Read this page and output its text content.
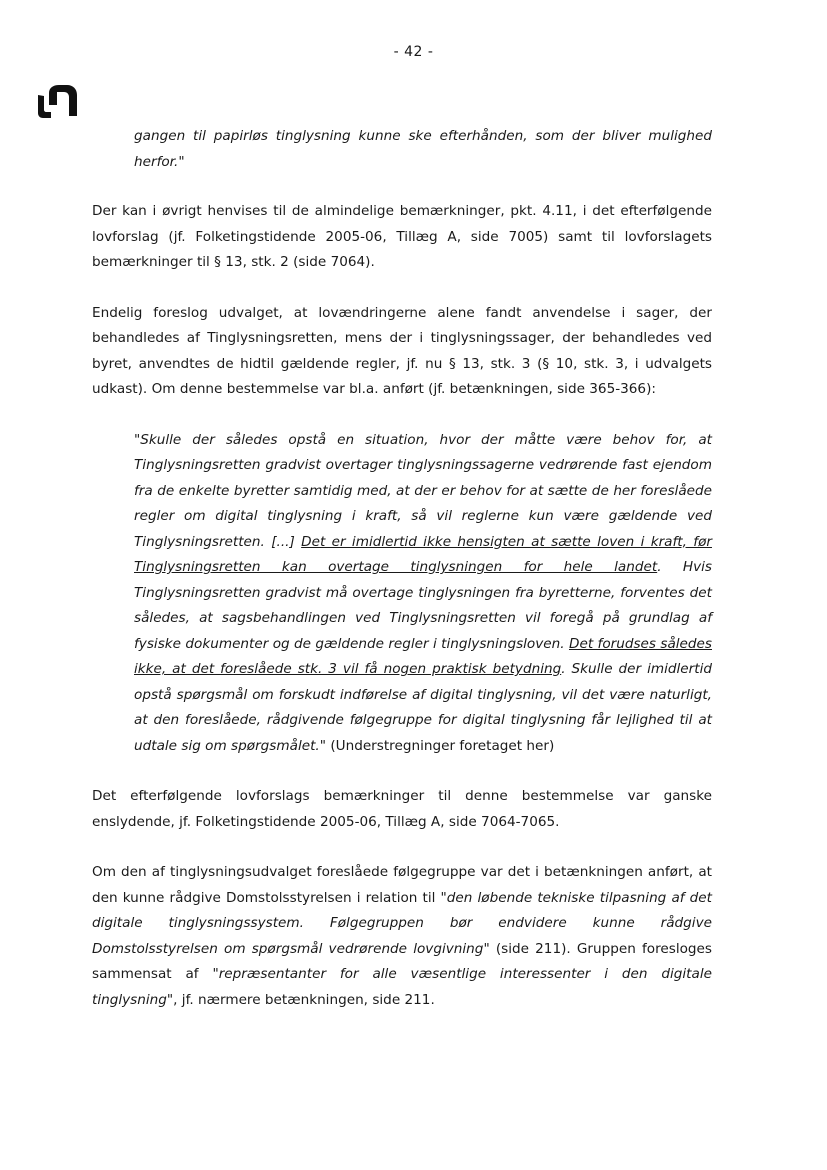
- 42 -

gangen til papirløs tinglysning kunne ske efterhånden, som der bliver mulighed herfor."

Der kan i øvrigt henvises til de almindelige bemærkninger, pkt. 4.11, i det efterfølgende lovforslag (jf. Folketingstidende 2005-06, Tillæg A, side 7005) samt til lovforslagets bemærkninger til § 13, stk. 2 (side 7064).

Endelig foreslog udvalget, at lovændringerne alene fandt anvendelse i sager, der behandledes af Tinglysningsretten, mens der i tinglysningssager, der behandledes ved byret, anvendtes de hidtil gældende regler, jf. nu § 13, stk. 3 (§ 10, stk. 3, i udvalgets udkast). Om denne bestemmelse var bl.a. anført (jf. betænkningen, side 365-366):

"Skulle der således opstå en situation, hvor der måtte være behov for, at Tinglysningsretten gradvist overtager tinglysningssagerne vedrørende fast ejendom fra de enkelte byretter samtidig med, at der er behov for at sætte de her foreslåede regler om digital tinglysning i kraft, så vil reglerne kun være gældende ved Tinglysningsretten. [...] Det er imidlertid ikke hensigten at sætte loven i kraft, før Tinglysningsretten kan overtage tinglysningen for hele landet. Hvis Tinglysningsretten gradvist må overtage tinglysningen fra byretterne, forventes det således, at sagsbehandlingen ved Tinglysningsretten vil foregå på grundlag af fysiske dokumenter og de gældende regler i tinglysningsloven. Det forudses således ikke, at det foreslåede stk. 3 vil få nogen praktisk betydning. Skulle der imidlertid opstå spørgsmål om forskudt indførelse af digital tinglysning, vil det være naturligt, at den foreslåede, rådgivende følgegruppe for digital tinglysning får lejlighed til at udtale sig om spørgsmålet." (Understregninger foretaget her)

Det efterfølgende lovforslags bemærkninger til denne bestemmelse var ganske enslydende, jf. Folketingstidende 2005-06, Tillæg A, side 7064-7065.

Om den af tinglysningsudvalget foreslåede følgegruppe var det i betænkningen anført, at den kunne rådgive Domstolsstyrelsen i relation til "den løbende tekniske tilpasning af det digitale tinglysningssystem. Følgegruppen bør endvidere kunne rådgive Domstolsstyrelsen om spørgsmål vedrørende lovgivning" (side 211). Gruppen foresloges sammensat af "repræsentanter for alle væsentlige interessenter i den digitale tinglysning", jf. nærmere betænkningen, side 211.
